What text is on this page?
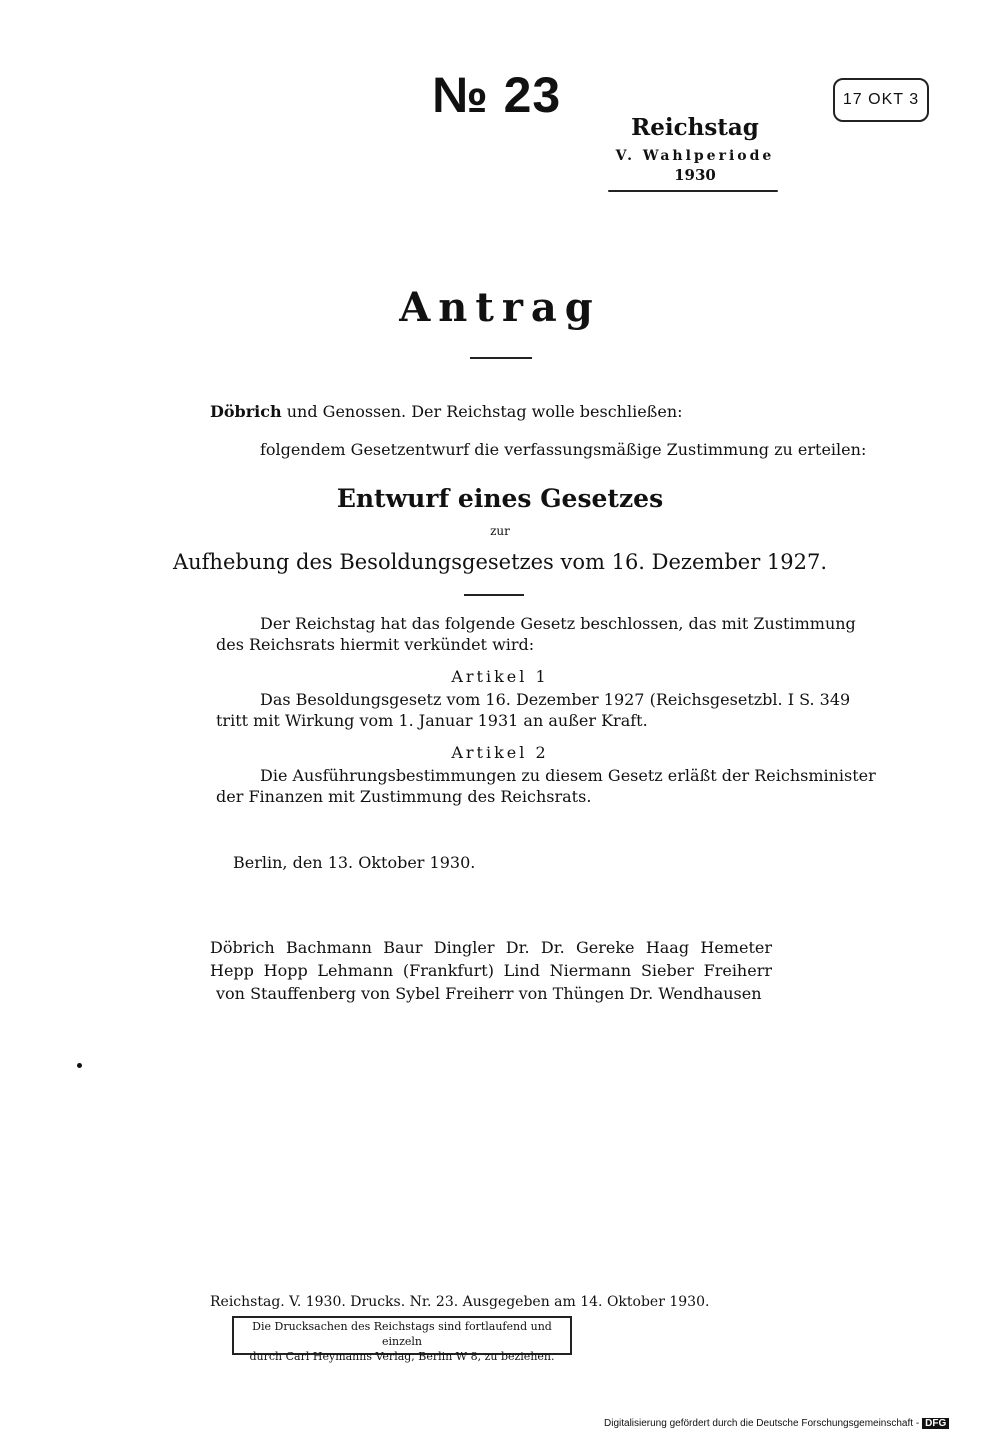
№ 23	17 OKT 3
Reichstag
V. Wahlperiode
1930
Antrag
Döbrich und Genossen. Der Reichstag wolle beschließen:
folgendem Gesetzentwurf die verfassungsmäßige Zustimmung zu erteilen:
Entwurf eines Gesetzes
zur
Aufhebung des Besoldungsgesetzes vom 16. Dezember 1927.
Der Reichstag hat das folgende Gesetz beschlossen, das mit Zustimmung
des Reichsrats hiermit verkündet wird:
Artikel 1
Das Besoldungsgesetz vom 16. Dezember 1927 (Reichsgesetzbl. I S. 349
tritt mit Wirkung vom 1. Januar 1931 an außer Kraft.
Artikel 2
Die Ausführungsbestimmungen zu diesem Gesetz erläßt der Reichsminister
der Finanzen mit Zustimmung des Reichsrats.
Berlin, den 13. Oktober 1930.
Döbrich Bachmann Baur Dingler Dr. Dr. Gereke Haag Hemeter
Hepp Hopp Lehmann (Frankfurt) Lind Niermann Sieber Freiherr
von Stauffenberg von Sybel Freiherr von Thüngen Dr. Wendhausen
Reichstag. V. 1930. Drucks. Nr. 23. Ausgegeben am 14. Oktober 1930.
Die Drucksachen des Reichstags sind fortlaufend und einzeln
durch Carl Heymanns Verlag, Berlin W 8, zu beziehen.
Digitalisierung gefördert durch die Deutsche Forschungsgemeinschaft - DFG
